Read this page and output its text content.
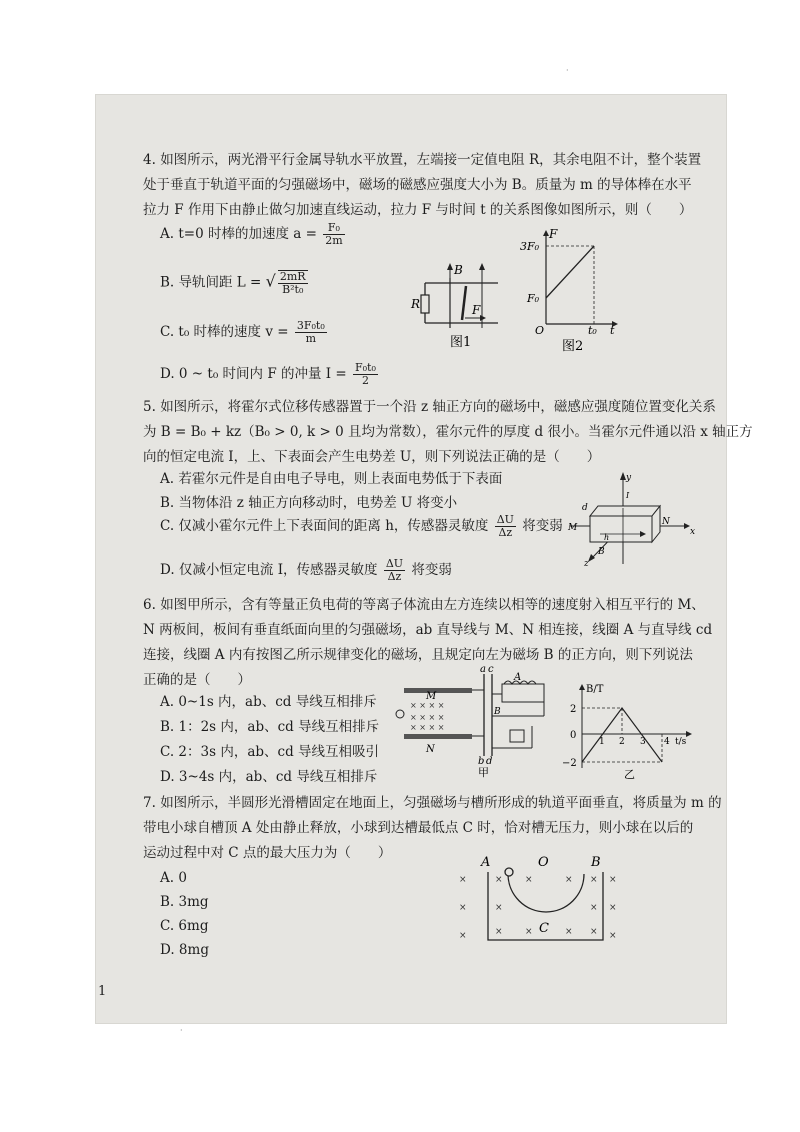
·
·
4. 如图所示，两光滑平行金属导轨水平放置，左端接一定值电阻 R，其余电阻不计，整个装置
处于垂直于轨道平面的匀强磁场中，磁场的磁感应强度大小为 B。质量为 m 的导体棒在水平
拉力 F 作用下由静止做匀加速直线运动，拉力 F 与时间 t 的关系图像如图所示，则（　　）
A. t=0 时棒的加速度 $a = \frac{\text{F₀}}{2m}$
B. 导轨间距 L = √ $\frac{2mR}{\text{B²t₀}}$
C. t₀ 时棒的速度 $v = \frac{\text{3F₀t₀}}{m}$
D. 0 ~ t₀ 时间内 F 的冲量 $I = \frac{\text{F₀t₀}}{2}$
B
R	F
图1
F
3F₀
F₀
O	t₀ t
图2
5. 如图所示，将霍尔式位移传感器置于一个沿 z 轴正方向的磁场中，磁感应强度随位置变化关系
为 B = B₀ + kz（B₀ > 0, k > 0 且均为常数），霍尔元件的厚度 d 很小。当霍尔元件通以沿 x 轴正方
向的恒定电流 I，上、下表面会产生电势差 U，则下列说法正确的是（　　）
A. 若霍尔元件是自由电子导电，则上表面电势低于下表面
B. 当物体沿 z 轴正方向移动时，电势差 U 将变小
C. 仅减小霍尔元件上下表面间的距离 h，传感器灵敏度 $\frac{\Delta U}{\Delta z}$ 将变弱
D. 仅减小恒定电流 I，传感器灵敏度 $\frac{\Delta U}{\Delta z}$ 将变弱
y
x
z
d
M
N
h
B
I
6. 如图甲所示，含有等量正负电荷的等离子体流由左方连续以相等的速度射入相互平行的 M、
N 两板间，板间有垂直纸面向里的匀强磁场，ab 直导线与 M、N 相连接，线圈 A 与直导线 cd
连接，线圈 A 内有按图乙所示规律变化的磁场，且规定向左为磁场 B 的正方向，则下列说法
正确的是（　　）
A. 0~1s 内，ab、cd 导线互相排斥
B. 1：2s 内，ab、cd 导线互相排斥
C. 2：3s 内，ab、cd 导线互相吸引
D. 3~4s 内，ab、cd 导线互相排斥
× × × ×
× × × ×
× × × ×
a c
M
N
A
B
b d
甲
B/T
t/s
2
0
−2
1 2 3 4
乙
7. 如图所示，半圆形光滑槽固定在地面上，匀强磁场与槽所形成的轨道平面垂直，将质量为 m 的
带电小球自槽顶 A 处由静止释放，小球到达槽最低点 C 时，恰对槽无压力，则小球在以后的
运动过程中对 C 点的最大压力为（　　）
A. 0
B. 3mg
C. 6mg
D. 8mg
×
×
×
×
×
×
× ×	× ×
×	×
× ×	× ×
A	O	B
C
1
